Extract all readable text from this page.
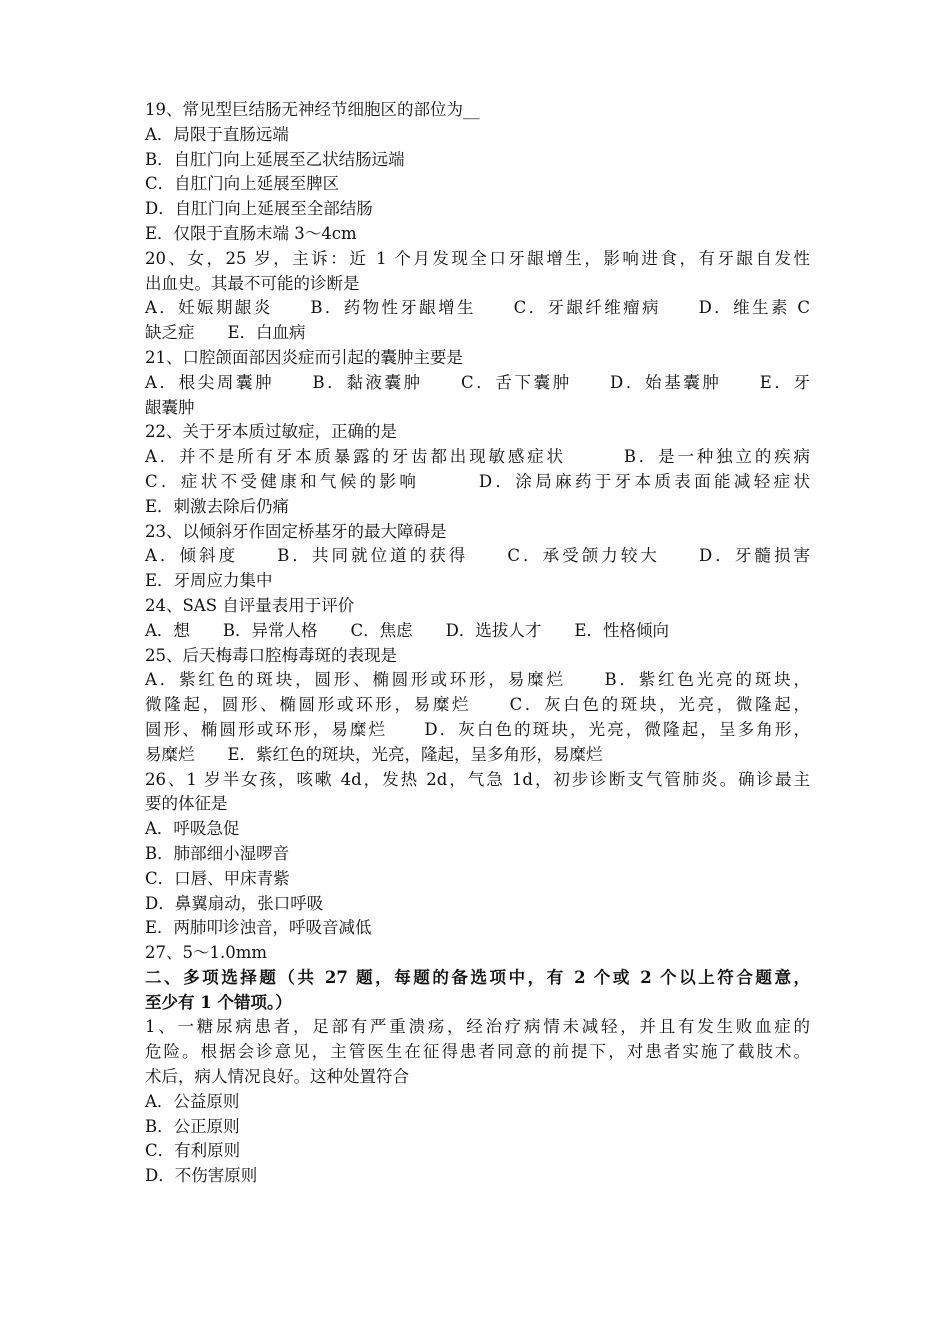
19、常见型巨结肠无神经节细胞区的部位为__
A．局限于直肠远端
B．自肛门向上延展至乙状结肠远端
C．自肛门向上延展至脾区
D．自肛门向上延展至全部结肠
E．仅限于直肠末端 3～4cm
20、女，25 岁，主诉：近 1 个月发现全口牙龈增生，影响进食，有牙龈自发性
出血史。其最不可能的诊断是
A．妊娠期龈炎　　B．药物性牙龈增生　　C．牙龈纤维瘤病　　D．维生素 C
缺乏症　　E．白血病
21、口腔颌面部因炎症而引起的囊肿主要是
A．根尖周囊肿　　B．黏液囊肿　　C．舌下囊肿　　D．始基囊肿　　E．牙
龈囊肿
22、关于牙本质过敏症，正确的是
A．并不是所有牙本质暴露的牙齿都出现敏感症状　　　B．是一种独立的疾病
C．症状不受健康和气候的影响　　　D．涂局麻药于牙本质表面能减轻症状
E．刺激去除后仍痛
23、以倾斜牙作固定桥基牙的最大障碍是
A．倾斜度　　B．共同就位道的获得　　C．承受颌力较大　　D．牙髓损害
E．牙周应力集中
24、SAS 自评量表用于评价
A．想　　B．异常人格　　C．焦虑　　D．选拔人才　　E．性格倾向
25、后天梅毒口腔梅毒斑的表现是
A．紫红色的斑块，圆形、椭圆形或环形，易糜烂　　B．紫红色光亮的斑块，
微隆起，圆形、椭圆形或环形，易糜烂　　C．灰白色的斑块，光亮，微隆起，
圆形、椭圆形或环形，易糜烂　　D．灰白色的斑块，光亮，微隆起，呈多角形，
易糜烂　　E．紫红色的斑块，光亮，隆起，呈多角形，易糜烂
26、1 岁半女孩，咳嗽 4d，发热 2d，气急 1d，初步诊断支气管肺炎。确诊最主
要的体征是
A．呼吸急促
B．肺部细小湿啰音
C．口唇、甲床青紫
D．鼻翼扇动，张口呼吸
E．两肺叩诊浊音，呼吸音减低
27、5～1.0mm
二、多项选择题（共 27 题，每题的备选项中，有 2 个或 2 个以上符合题意，
至少有 1 个错项。）
1、一糖尿病患者，足部有严重溃疡，经治疗病情未减轻，并且有发生败血症的
危险。根据会诊意见，主管医生在征得患者同意的前提下，对患者实施了截肢术。
术后，病人情况良好。这种处置符合
A．公益原则
B．公正原则
C．有利原则
D．不伤害原则
